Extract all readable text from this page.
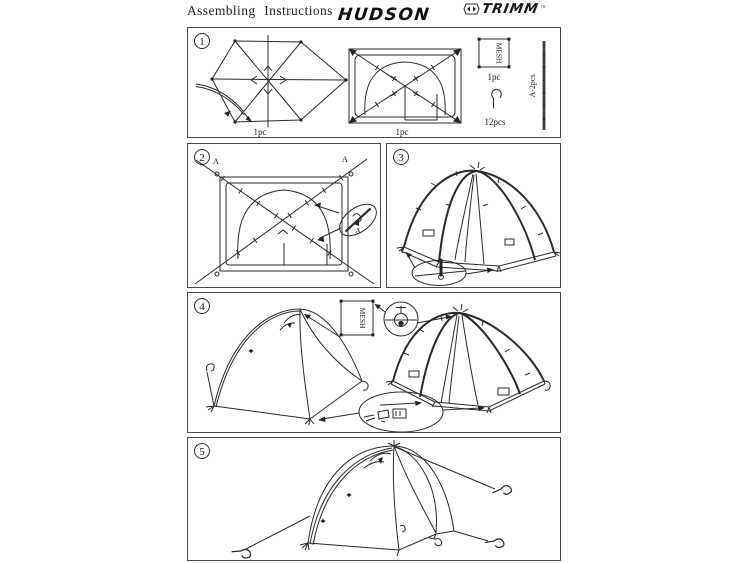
Assembling Instructions HUDSON	TRIMM ™
1
1pc	1pc
MESH
1pc
12pcs
A-2pcs
2 A	A
A
3
4
MESH
5
